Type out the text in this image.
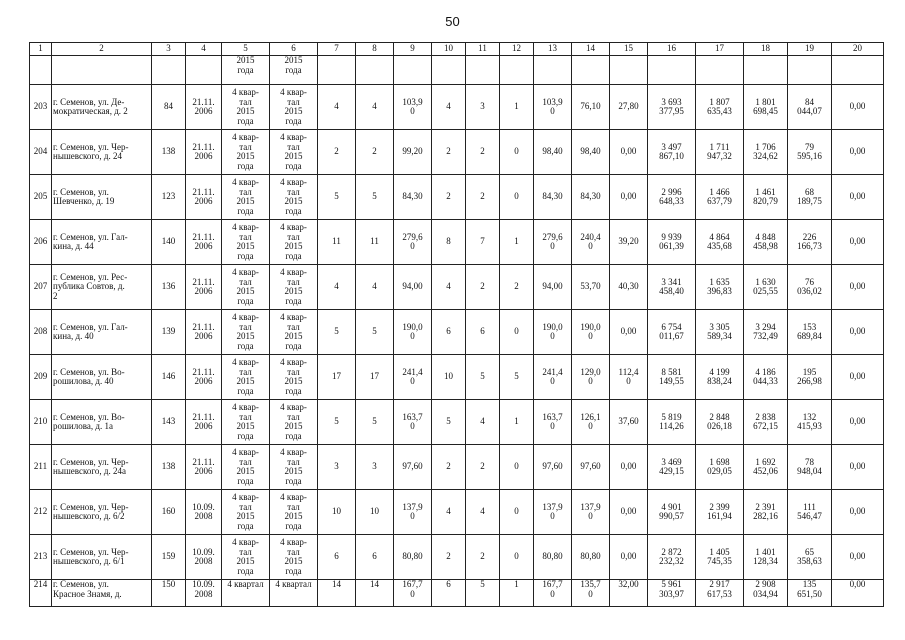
50
1	2	3	4	5	6	7	8	9	10	11	12	13	14	15	16	17	18	19	20

				2015
года	2015
года														

203	г. Семенов, ул. Де-
мократическая, д. 2	84	21.11.
2006	4 квар-
тал
2015
года	4 квар-
тал
2015
года	4	4	103,9
0	4	3	1	103,9
0	76,10	27,80	3 693
377,95	1 807
635,43	1 801
698,45	84
044,07	0,00

204	г. Семенов, ул. Чер-
нышевского, д. 24	138	21.11.
2006	4 квар-
тал
2015
года	4 квар-
тал
2015
года	2	2	99,20	2	2	0	98,40	98,40	0,00	3 497
867,10	1 711
947,32	1 706
324,62	79
595,16	0,00

205	г. Семенов, ул.
Шевченко, д. 19	123	21.11.
2006	4 квар-
тал
2015
года	4 квар-
тал
2015
года	5	5	84,30	2	2	0	84,30	84,30	0,00	2 996
648,33	1 466
637,79	1 461
820,79	68
189,75	0,00

206	г. Семенов, ул. Гал-
кина, д. 44	140	21.11.
2006	4 квар-
тал
2015
года	4 квар-
тал
2015
года	11	11	279,6
0	8	7	1	279,6
0	240,4
0	39,20	9 939
061,39	4 864
435,68	4 848
458,98	226
166,73	0,00

207	г. Семенов, ул. Рес-
публика Совтов, д.
2	136	21.11.
2006	4 квар-
тал
2015
года	4 квар-
тал
2015
года	4	4	94,00	4	2	2	94,00	53,70	40,30	3 341
458,40	1 635
396,83	1 630
025,55	76
036,02	0,00

208	г. Семенов, ул. Гал-
кина, д. 40	139	21.11.
2006	4 квар-
тал
2015
года	4 квар-
тал
2015
года	5	5	190,0
0	6	6	0	190,0
0	190,0
0	0,00	6 754
011,67	3 305
589,34	3 294
732,49	153
689,84	0,00

209	г. Семенов, ул. Во-
рошилова, д. 40	146	21.11.
2006	4 квар-
тал
2015
года	4 квар-
тал
2015
года	17	17	241,4
0	10	5	5	241,4
0	129,0
0	112,4
0	8 581
149,55	4 199
838,24	4 186
044,33	195
266,98	0,00

210	г. Семенов, ул. Во-
рошилова, д. 1а	143	21.11.
2006	4 квар-
тал
2015
года	4 квар-
тал
2015
года	5	5	163,7
0	5	4	1	163,7
0	126,1
0	37,60	5 819
114,26	2 848
026,18	2 838
672,15	132
415,93	0,00

211	г. Семенов, ул. Чер-
нышевского, д. 24а	138	21.11.
2006	4 квар-
тал
2015
года	4 квар-
тал
2015
года	3	3	97,60	2	2	0	97,60	97,60	0,00	3 469
429,15	1 698
029,05	1 692
452,06	78
948,04	0,00

212	г. Семенов, ул. Чер-
нышевского, д. 6/2	160	10.09.
2008	4 квар-
тал
2015
года	4 квар-
тал
2015
года	10	10	137,9
0	4	4	0	137,9
0	137,9
0	0,00	4 901
990,57	2 399
161,94	2 391
282,16	111
546,47	0,00

213	г. Семенов, ул. Чер-
нышевского, д. 6/1	159	10.09.
2008	4 квар-
тал
2015
года	4 квар-
тал
2015
года	6	6	80,80	2	2	0	80,80	80,80	0,00	2 872
232,32	1 405
745,35	1 401
128,34	65
358,63	0,00

214	г. Семенов, ул.
Красное Знамя, д.	150	10.09.
2008	4 квартал	4 квартал	14	14	167,7
0	6	5	1	167,7
0	135,7
0	32,00	5 961
303,97	2 917
617,53	2 908
034,94	135
651,50	0,00
